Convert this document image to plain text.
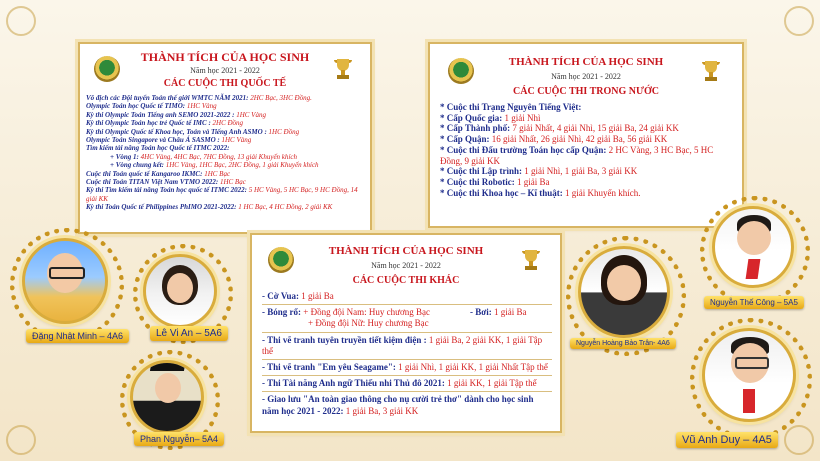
THÀNH TÍCH CỦA HỌC SINH
Năm học 2021 - 2022
CÁC CUỘC THI QUỐC TẾ
Vô địch các Đội tuyển Toán thế giới WMTC NĂM 2021: 2HC Bạc, 3HC Đồng.
Olympic Toán học Quốc tế TIMO: 1HC Vàng
Kỳ thi Olympic Toán Tiếng anh SEMO 2021-2022 : 1HC Vàng
Kỳ thi Olympic Toán học trẻ Quốc tế IMC : 2HC Đồng
Kỳ thi Olympic Quốc tế Khoa học, Toán và Tiếng Anh ASMO : 1HC Đồng
Olympic Toán Singapore và Châu Á SASMO : 1HC Vàng
Tìm kiếm tài năng Toán học Quốc tế ITMC 2022:
+ Vòng 1: 4HC Vàng, 4HC Bạc, 7HC Đồng, 13 giải Khuyến khích
+ Vòng chung kết: 1HC Vàng, 1HC Bạc, 2HC Đồng, 1 giải Khuyến khích
Cuộc thi Toán quốc tế Kangaroo IKMC: 1HC Bạc
Cuộc thi Toán TITAN Việt Nam VTMO 2022: 1HC Bạc
Kỳ thi Tìm kiếm tài năng Toán học quốc tế ITMC 2022: 5 HC Vàng, 5 HC Bạc, 9 HC Đồng, 14 giải KK
Kỳ thi Toán Quốc tế Philippines PhIMO 2021-2022: 1 HC Bạc, 4 HC Đồng, 2 giải KK
THÀNH TÍCH CỦA HỌC SINH
Năm học 2021 - 2022
CÁC CUỘC THI TRONG NƯỚC
* Cuộc thi Trạng Nguyên Tiếng Việt:
* Cấp Quốc gia: 1 giải Nhì
* Cấp Thành phố: 7 giải Nhất, 4 giải Nhì, 15 giải Ba, 24 giải KK
* Cấp Quận: 16 giải Nhất, 26 giải Nhì, 42 giải Ba, 56 giải KK
* Cuộc thi Đấu trường Toán học cấp Quận: 2 HC Vàng, 3 HC Bạc, 5 HC Đồng, 9 giải KK
* Cuộc thi Lập trình: 1 giải Nhì, 1 giải Ba, 3 giải KK
* Cuộc thi Robotic: 1 giải Ba
* Cuộc thi Khoa học – Kĩ thuật: 1 giải Khuyến khích.
THÀNH TÍCH CỦA HỌC SINH
Năm học 2021 - 2022
CÁC CUỘC THI KHÁC
- Cờ Vua: 1 giải Ba
- Bóng rổ: + Đồng đội Nam: Huy chương Bạc	- Bơi: 1 giải Ba
+ Đồng đội Nữ: Huy chương Bạc
- Thi vẽ tranh tuyên truyền tiết kiệm điện : 1 giải Ba, 2 giải KK, 1 giải Tập thể
- Thi vẽ tranh "Em yêu Seagame": 1 giải Nhì, 1 giải KK, 1 giải Nhất Tập thể
- Thi Tài năng Anh ngữ Thiếu nhi Thủ đô 2021: 1 giải KK, 1 giải Tập thể
- Giao lưu "An toàn giao thông cho nụ cười trẻ thơ" dành cho học sinh năm học 2021 - 2022: 1 giải Ba, 3 giải KK
Đặng Nhật Minh – 4A6	Lê Vi An – 5A6
Phan Nguyễn– 5A4
Nguyễn Hoàng Bảo Trân- 4A6
Nguyễn Thế Công – 5A5
Vũ Anh Duy – 4A5
